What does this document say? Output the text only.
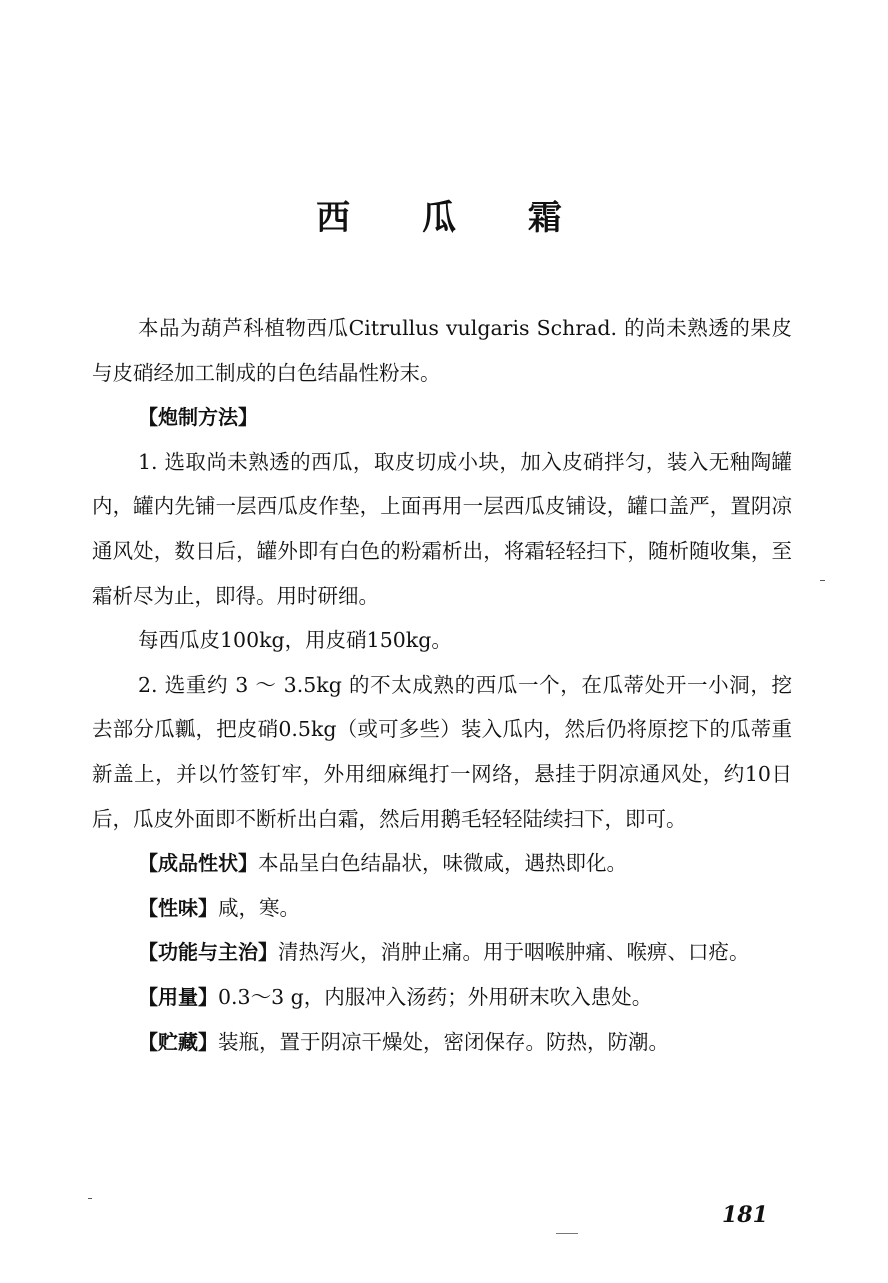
西 瓜 霜

本品为葫芦科植物西瓜Citrullus vulgaris Schrad. 的尚未熟透的果皮与皮硝经加工制成的白色结晶性粉末。

【炮制方法】

1. 选取尚未熟透的西瓜，取皮切成小块，加入皮硝拌匀，装入无釉陶罐内，罐内先铺一层西瓜皮作垫，上面再用一层西瓜皮铺设，罐口盖严，置阴凉通风处，数日后，罐外即有白色的粉霜析出，将霜轻轻扫下，随析随收集，至霜析尽为止，即得。用时研细。

每西瓜皮100kg，用皮硝150kg。

2. 选重约 3 ～ 3.5kg 的不太成熟的西瓜一个，在瓜蒂处开一小洞，挖去部分瓜瓤，把皮硝0.5kg（或可多些）装入瓜内，然后仍将原挖下的瓜蒂重新盖上，并以竹签钉牢，外用细麻绳打一网络，悬挂于阴凉通风处，约10日后，瓜皮外面即不断析出白霜，然后用鹅毛轻轻陆续扫下，即可。

【成品性状】本品呈白色结晶状，味微咸，遇热即化。

【性味】咸，寒。

【功能与主治】清热泻火，消肿止痛。用于咽喉肿痛、喉痹、口疮。

【用量】0.3～3 g，内服冲入汤药；外用研末吹入患处。

【贮藏】装瓶，置于阴凉干燥处，密闭保存。防热，防潮。

181
